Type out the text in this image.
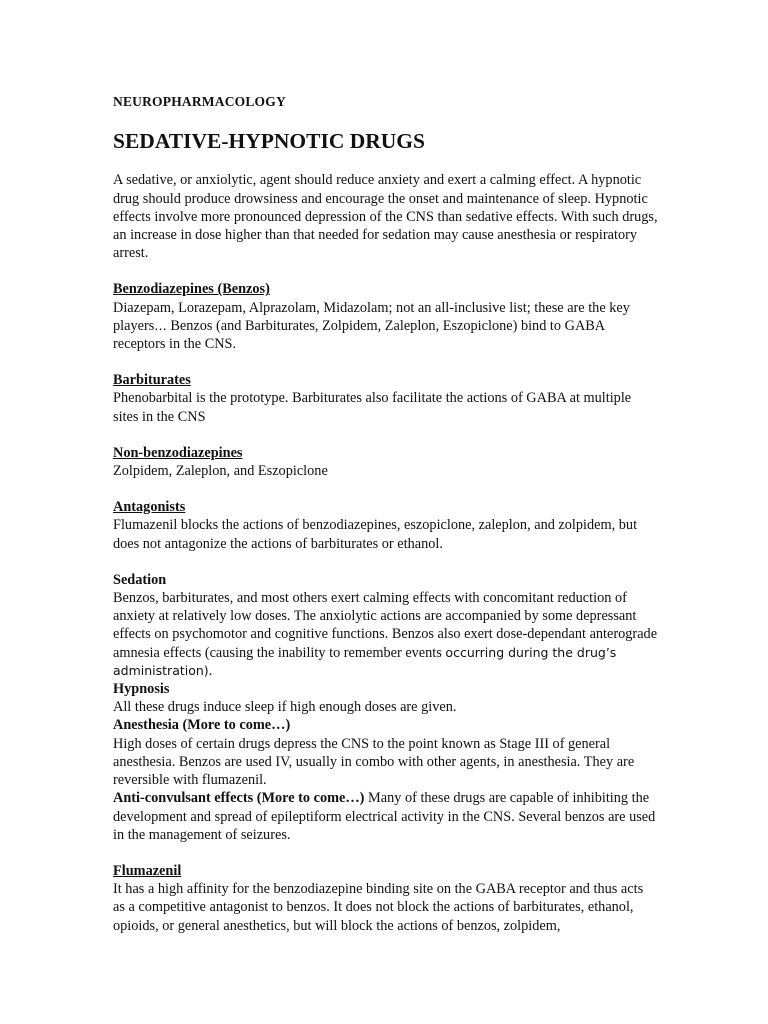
NEUROPHARMACOLOGY

SEDATIVE-HYPNOTIC DRUGS

A sedative, or anxiolytic, agent should reduce anxiety and exert a calming effect. A hypnotic drug should produce drowsiness and encourage the onset and maintenance of sleep. Hypnotic effects involve more pronounced depression of the CNS than sedative effects. With such drugs, an increase in dose higher than that needed for sedation may cause anesthesia or respiratory arrest.

Benzodiazepines (Benzos)

Diazepam, Lorazepam, Alprazolam, Midazolam; not an all-inclusive list; these are the key players… Benzos (and Barbiturates, Zolpidem, Zaleplon, Eszopiclone) bind to GABA receptors in the CNS.

Barbiturates

Phenobarbital is the prototype. Barbiturates also facilitate the actions of GABA at multiple sites in the CNS

Non-benzodiazepines

Zolpidem, Zaleplon, and Eszopiclone

Antagonists

Flumazenil blocks the actions of benzodiazepines, eszopiclone, zaleplon, and zolpidem, but does not antagonize the actions of barbiturates or ethanol.

Sedation

Benzos, barbiturates, and most others exert calming effects with concomitant reduction of anxiety at relatively low doses. The anxiolytic actions are accompanied by some depressant effects on psychomotor and cognitive functions. Benzos also exert dose-dependant anterograde amnesia effects (causing the inability to remember events occurring during the drug’s administration).

Hypnosis

All these drugs induce sleep if high enough doses are given.

Anesthesia (More to come…)

High doses of certain drugs depress the CNS to the point known as Stage III of general anesthesia. Benzos are used IV, usually in combo with other agents, in anesthesia. They are reversible with flumazenil.

Anti-convulsant effects (More to come…) Many of these drugs are capable of inhibiting the development and spread of epileptiform electrical activity in the CNS. Several benzos are used in the management of seizures.

Flumazenil

It has a high affinity for the benzodiazepine binding site on the GABA receptor and thus acts as a competitive antagonist to benzos. It does not block the actions of barbiturates, ethanol, opioids, or general anesthetics, but will block the actions of benzos, zolpidem,
